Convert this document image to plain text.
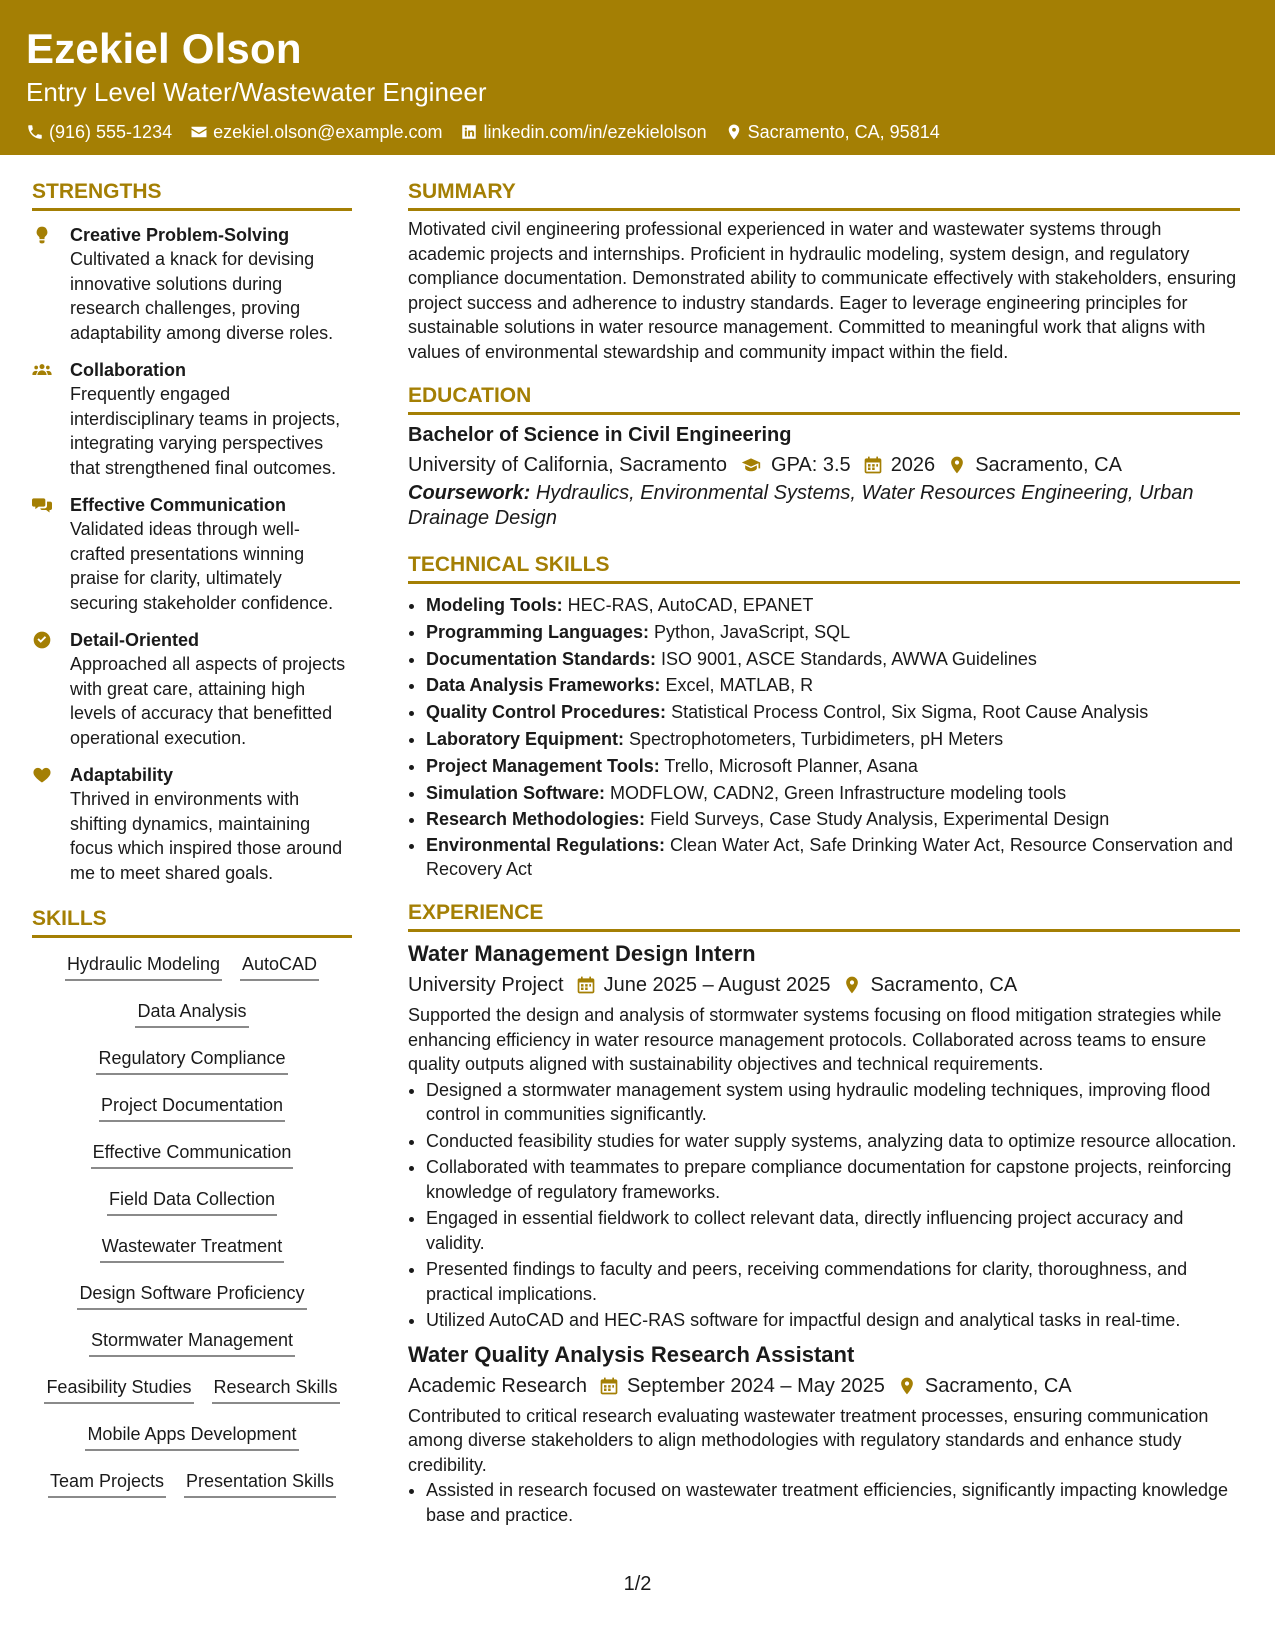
Ezekiel Olson
Entry Level Water/Wastewater Engineer
(916) 555-1234 ezekiel.olson@example.com linkedin.com/in/ezekielolson Sacramento, CA, 95814
STRENGTHS
Creative Problem-Solving
Cultivated a knack for devising innovative solutions during research challenges, proving adaptability among diverse roles.
Collaboration
Frequently engaged interdisciplinary teams in projects, integrating varying perspectives that strengthened final outcomes.
Effective Communication
Validated ideas through well-crafted presentations winning praise for clarity, ultimately securing stakeholder confidence.
Detail-Oriented
Approached all aspects of projects with great care, attaining high levels of accuracy that benefitted operational execution.
Adaptability
Thrived in environments with shifting dynamics, maintaining focus which inspired those around me to meet shared goals.
SKILLS
Hydraulic Modeling AutoCAD
Data Analysis
Regulatory Compliance
Project Documentation
Effective Communication
Field Data Collection
Wastewater Treatment
Design Software Proficiency
Stormwater Management
Feasibility Studies Research Skills
Mobile Apps Development
Team Projects Presentation Skills
SUMMARY
Motivated civil engineering professional experienced in water and wastewater systems through academic projects and internships. Proficient in hydraulic modeling, system design, and regulatory compliance documentation. Demonstrated ability to communicate effectively with stakeholders, ensuring project success and adherence to industry standards. Eager to leverage engineering principles for sustainable solutions in water resource management. Committed to meaningful work that aligns with values of environmental stewardship and community impact within the field.
EDUCATION
Bachelor of Science in Civil Engineering
University of California, Sacramento GPA: 3.5 2026 Sacramento, CA
Coursework: Hydraulics, Environmental Systems, Water Resources Engineering, Urban Drainage Design
TECHNICAL SKILLS
• Modeling Tools: HEC-RAS, AutoCAD, EPANET
• Programming Languages: Python, JavaScript, SQL
• Documentation Standards: ISO 9001, ASCE Standards, AWWA Guidelines
• Data Analysis Frameworks: Excel, MATLAB, R
• Quality Control Procedures: Statistical Process Control, Six Sigma, Root Cause Analysis
• Laboratory Equipment: Spectrophotometers, Turbidimeters, pH Meters
• Project Management Tools: Trello, Microsoft Planner, Asana
• Simulation Software: MODFLOW, CADN2, Green Infrastructure modeling tools
• Research Methodologies: Field Surveys, Case Study Analysis, Experimental Design
• Environmental Regulations: Clean Water Act, Safe Drinking Water Act, Resource Conservation and Recovery Act
EXPERIENCE
Water Management Design Intern
University Project June 2025 – August 2025 Sacramento, CA
Supported the design and analysis of stormwater systems focusing on flood mitigation strategies while enhancing efficiency in water resource management protocols. Collaborated across teams to ensure quality outputs aligned with sustainability objectives and technical requirements.
• Designed a stormwater management system using hydraulic modeling techniques, improving flood control in communities significantly.
• Conducted feasibility studies for water supply systems, analyzing data to optimize resource allocation.
• Collaborated with teammates to prepare compliance documentation for capstone projects, reinforcing knowledge of regulatory frameworks.
• Engaged in essential fieldwork to collect relevant data, directly influencing project accuracy and validity.
• Presented findings to faculty and peers, receiving commendations for clarity, thoroughness, and practical implications.
• Utilized AutoCAD and HEC-RAS software for impactful design and analytical tasks in real-time.
Water Quality Analysis Research Assistant
Academic Research September 2024 – May 2025 Sacramento, CA
Contributed to critical research evaluating wastewater treatment processes, ensuring communication among diverse stakeholders to align methodologies with regulatory standards and enhance study credibility.
• Assisted in research focused on wastewater treatment efficiencies, significantly impacting knowledge base and practice.
1/2
